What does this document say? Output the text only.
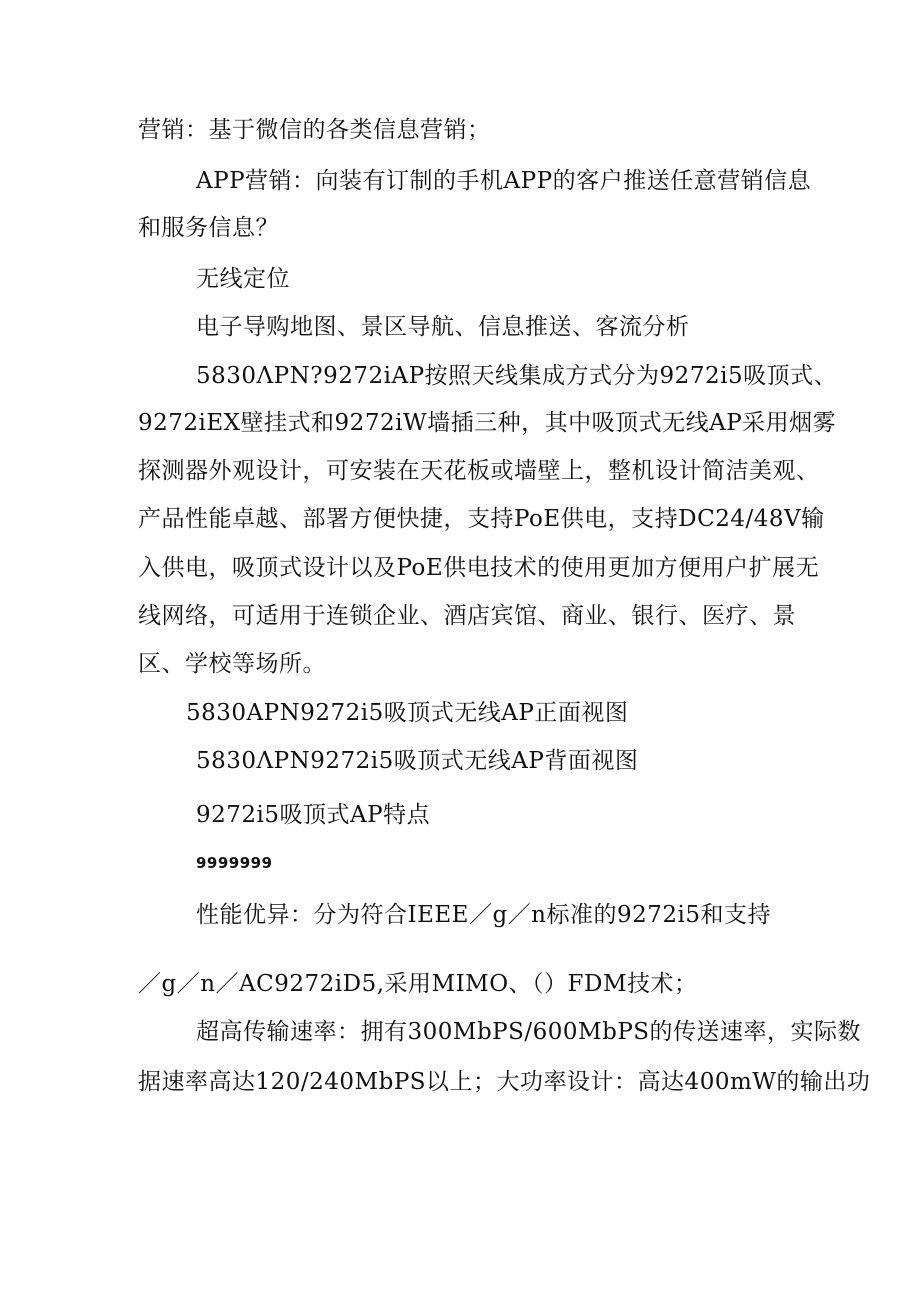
营销：基于微信的各类信息营销；
APP营销：向装有订制的手机APP的客户推送任意营销信息
和服务信息？
无线定位
电子导购地图、景区导航、信息推送、客流分析
5830ΛPN?9272iAP按照天线集成方式分为9272i5吸顶式、
9272iEX壁挂式和9272iW墙插三种，其中吸顶式无线AP采用烟雾
探测器外观设计，可安装在天花板或墙壁上，整机设计简洁美观、
产品性能卓越、部署方便快捷，支持PoE供电，支持DC24/48V输
入供电，吸顶式设计以及PoE供电技术的使用更加方便用户扩展无
线网络，可适用于连锁企业、酒店宾馆、商业、银行、医疗、景
区、学校等场所。
5830APN9272i5吸顶式无线AP正面视图
5830ΛPN9272i5吸顶式无线AP背面视图
9272i5吸顶式AP特点
9999999
性能优异：分为符合IEEE／g／n标准的9272i5和支持
／g／n／AC9272iD5,采用MIMO、（）FDM技术；
超高传输速率：拥有300MbPS/600MbPS的传送速率，实际数
据速率高达120/240MbPS以上；大功率设计：高达400mW的输出功
